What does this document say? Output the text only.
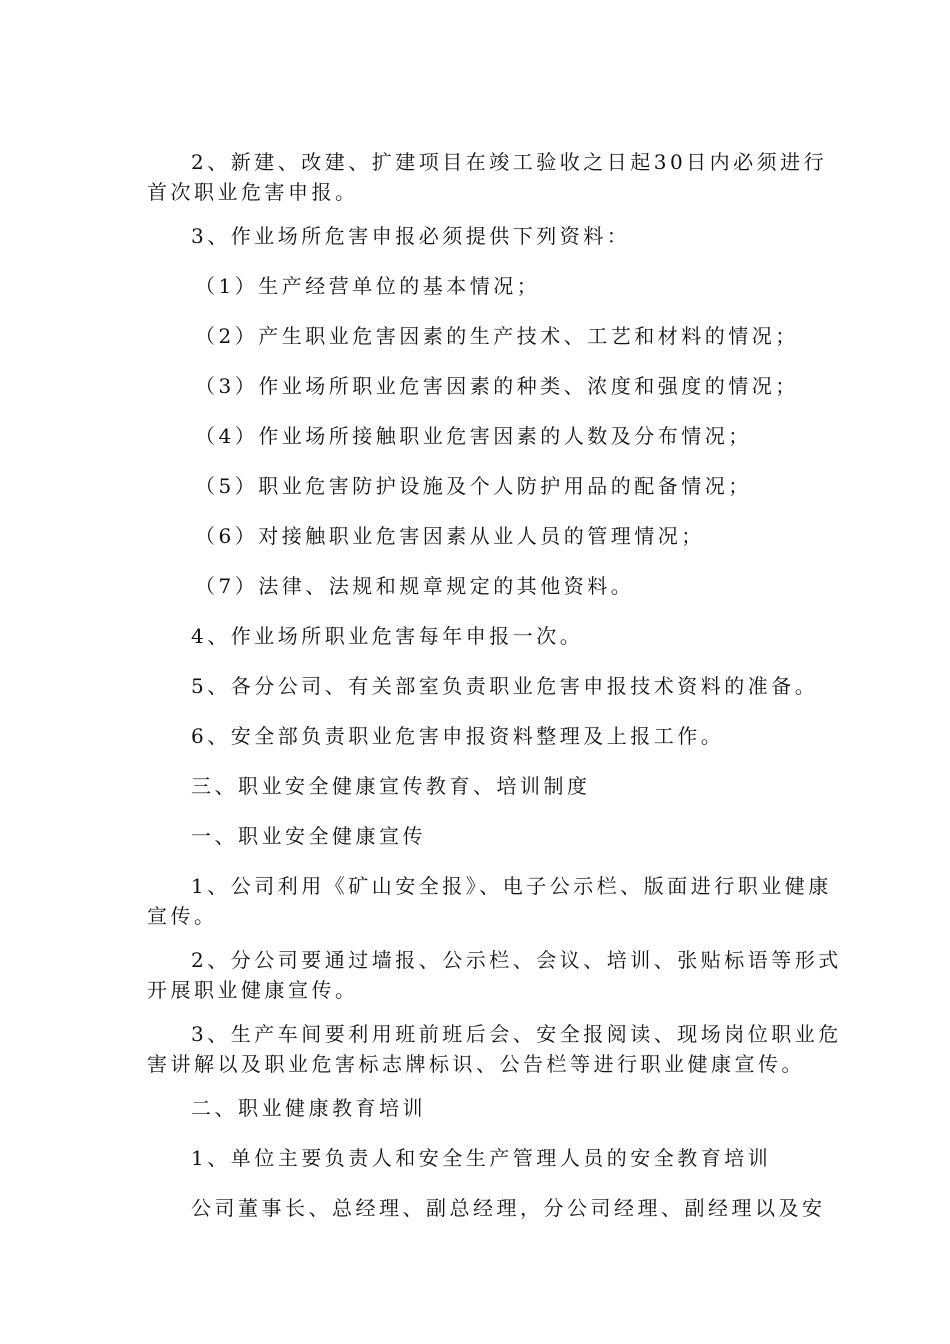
2、新建、改建、扩建项目在竣工验收之日起30日内必须进行
首次职业危害申报。

3、作业场所危害申报必须提供下列资料：

（1）生产经营单位的基本情况；

（2）产生职业危害因素的生产技术、工艺和材料的情况；

（3）作业场所职业危害因素的种类、浓度和强度的情况；

（4）作业场所接触职业危害因素的人数及分布情况；

（5）职业危害防护设施及个人防护用品的配备情况；

（6）对接触职业危害因素从业人员的管理情况；

（7）法律、法规和规章规定的其他资料。

4、作业场所职业危害每年申报一次。

5、各分公司、有关部室负责职业危害申报技术资料的准备。

6、安全部负责职业危害申报资料整理及上报工作。

三、职业安全健康宣传教育、培训制度

一、职业安全健康宣传

1、公司利用《矿山安全报》、电子公示栏、版面进行职业健康
宣传。

2、分公司要通过墙报、公示栏、会议、培训、张贴标语等形式
开展职业健康宣传。

3、生产车间要利用班前班后会、安全报阅读、现场岗位职业危
害讲解以及职业危害标志牌标识、公告栏等进行职业健康宣传。

二、职业健康教育培训

1、单位主要负责人和安全生产管理人员的安全教育培训

公司董事长、总经理、副总经理，分公司经理、副经理以及安
